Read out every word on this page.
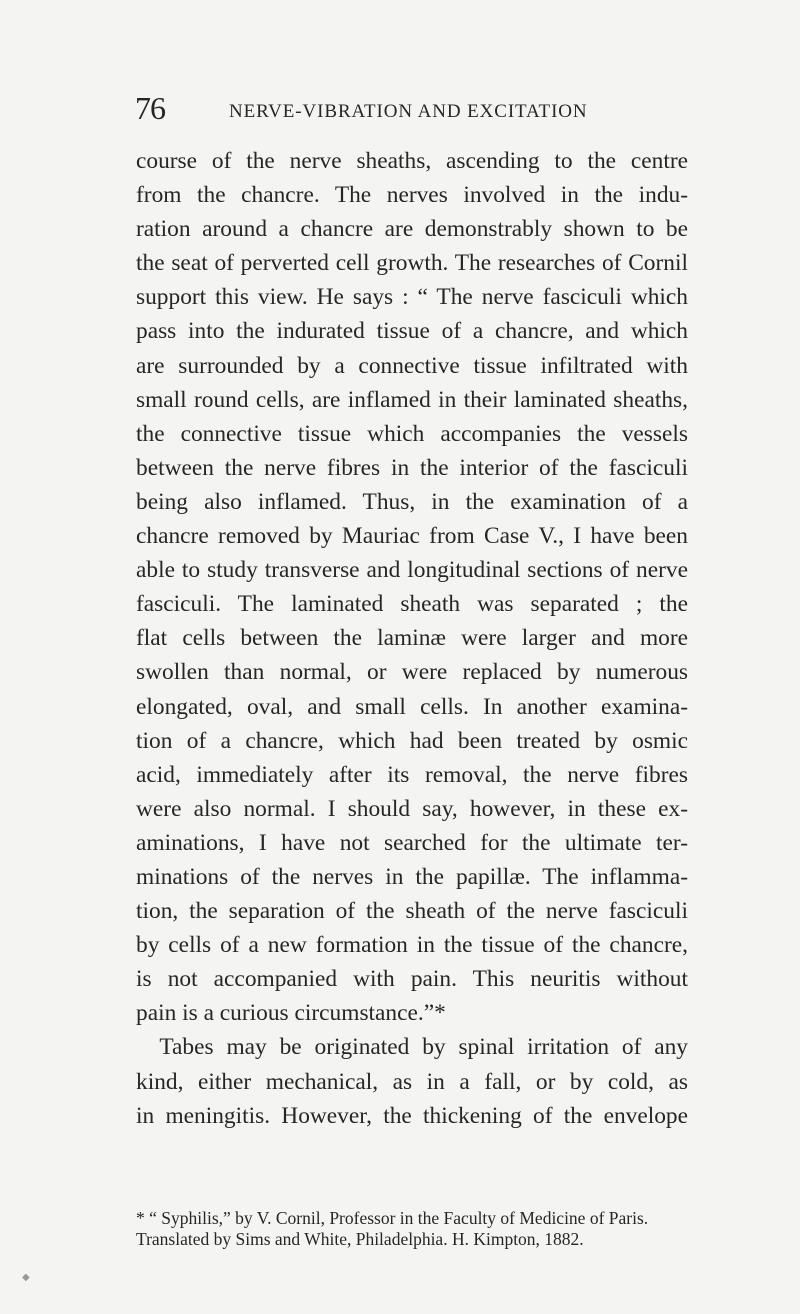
76	NERVE-VIBRATION AND EXCITATION
course of the nerve sheaths, ascending to the centre
from the chancre. The nerves involved in the indu-
ration around a chancre are demonstrably shown to be
the seat of perverted cell growth. The researches of Cornil
support this view. He says : “ The nerve fasciculi which
pass into the indurated tissue of a chancre, and which
are surrounded by a connective tissue infiltrated with
small round cells, are inflamed in their laminated sheaths,
the connective tissue which accompanies the vessels
between the nerve fibres in the interior of the fasciculi
being also inflamed. Thus, in the examination of a
chancre removed by Mauriac from Case V., I have been
able to study transverse and longitudinal sections of nerve
fasciculi. The laminated sheath was separated ; the
flat cells between the laminæ were larger and more
swollen than normal, or were replaced by numerous
elongated, oval, and small cells. In another examina-
tion of a chancre, which had been treated by osmic
acid, immediately after its removal, the nerve fibres
were also normal. I should say, however, in these ex-
aminations, I have not searched for the ultimate ter-
minations of the nerves in the papillæ. The inflamma-
tion, the separation of the sheath of the nerve fasciculi
by cells of a new formation in the tissue of the chancre,
is not accompanied with pain. This neuritis without
pain is a curious circumstance.”*
 Tabes may be originated by spinal irritation of any
kind, either mechanical, as in a fall, or by cold, as
in meningitis. However, the thickening of the envelope
* “ Syphilis,” by V. Cornil, Professor in the Faculty of Medicine of Paris.
Translated by Sims and White, Philadelphia. H. Kimpton, 1882.
◆
